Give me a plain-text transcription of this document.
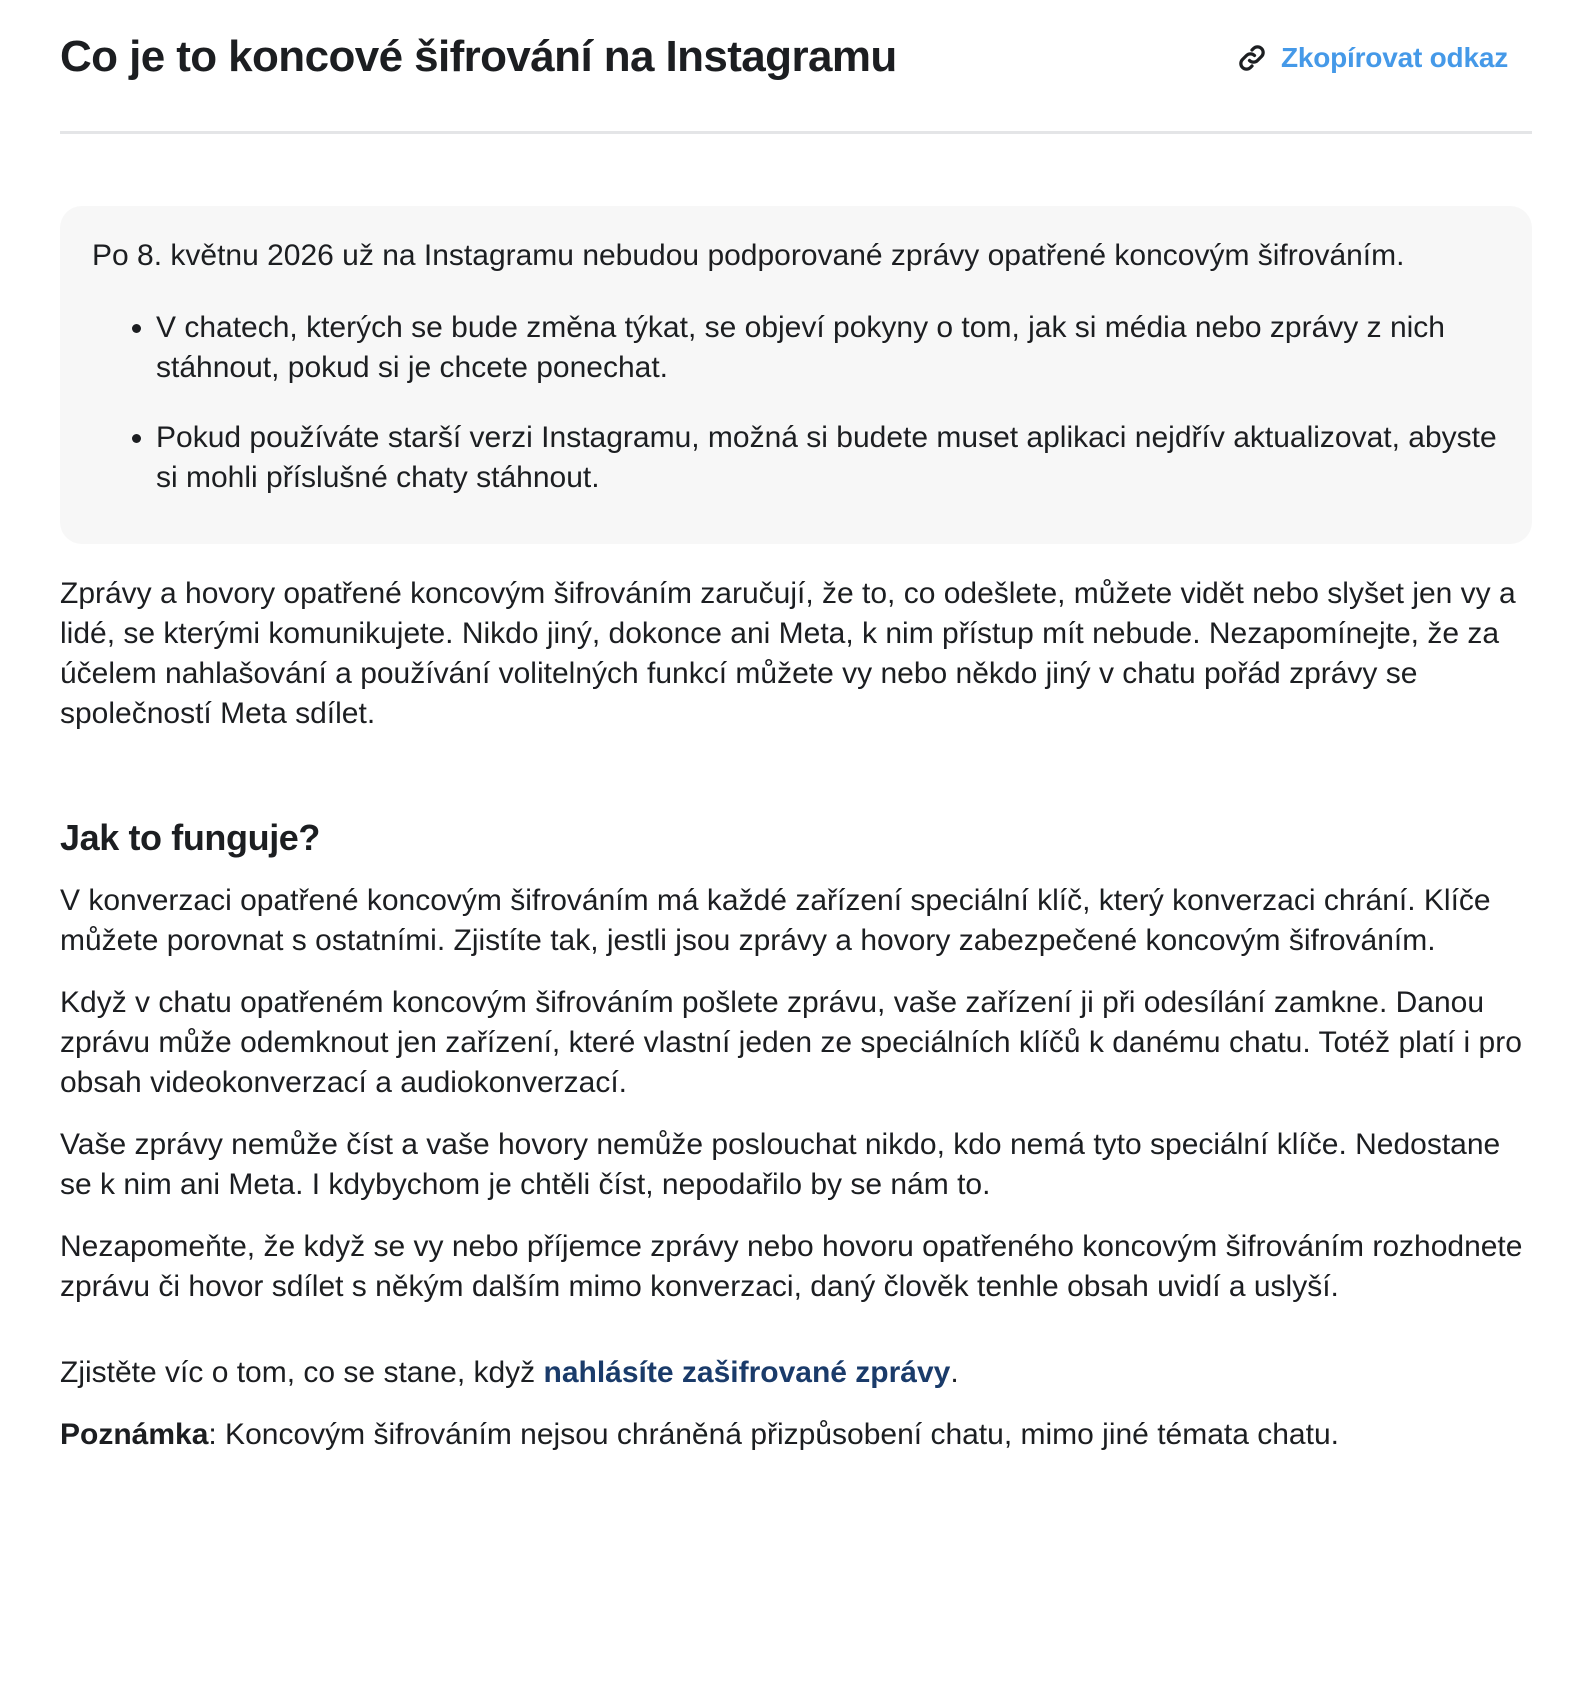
Co je to koncové šifrování na Instagramu	Zkopírovat odkaz

Po 8. květnu 2026 už na Instagramu nebudou podporované zprávy opatřené koncovým šifrováním.

• V chatech, kterých se bude změna týkat, se objeví pokyny o tom, jak si média nebo zprávy z nich stáhnout, pokud si je chcete ponechat.
• Pokud používáte starší verzi Instagramu, možná si budete muset aplikaci nejdřív aktualizovat, abyste si mohli příslušné chaty stáhnout.

Zprávy a hovory opatřené koncovým šifrováním zaručují, že to, co odešlete, můžete vidět nebo slyšet jen vy a lidé, se kterými komunikujete. Nikdo jiný, dokonce ani Meta, k nim přístup mít nebude. Nezapomínejte, že za účelem nahlašování a používání volitelných funkcí můžete vy nebo někdo jiný v chatu pořád zprávy se společností Meta sdílet.

Jak to funguje?

V konverzaci opatřené koncovým šifrováním má každé zařízení speciální klíč, který konverzaci chrání. Klíče můžete porovnat s ostatními. Zjistíte tak, jestli jsou zprávy a hovory zabezpečené koncovým šifrováním.

Když v chatu opatřeném koncovým šifrováním pošlete zprávu, vaše zařízení ji při odesílání zamkne. Danou zprávu může odemknout jen zařízení, které vlastní jeden ze speciálních klíčů k danému chatu. Totéž platí i pro obsah videokonverzací a audiokonverzací.

Vaše zprávy nemůže číst a vaše hovory nemůže poslouchat nikdo, kdo nemá tyto speciální klíče. Nedostane se k nim ani Meta. I kdybychom je chtěli číst, nepodařilo by se nám to.

Nezapomeňte, že když se vy nebo příjemce zprávy nebo hovoru opatřeného koncovým šifrováním rozhodnete zprávu či hovor sdílet s někým dalším mimo konverzaci, daný člověk tenhle obsah uvidí a uslyší.

Zjistěte víc o tom, co se stane, když nahlásíte zašifrované zprávy.

Poznámka: Koncovým šifrováním nejsou chráněná přizpůsobení chatu, mimo jiné témata chatu.
